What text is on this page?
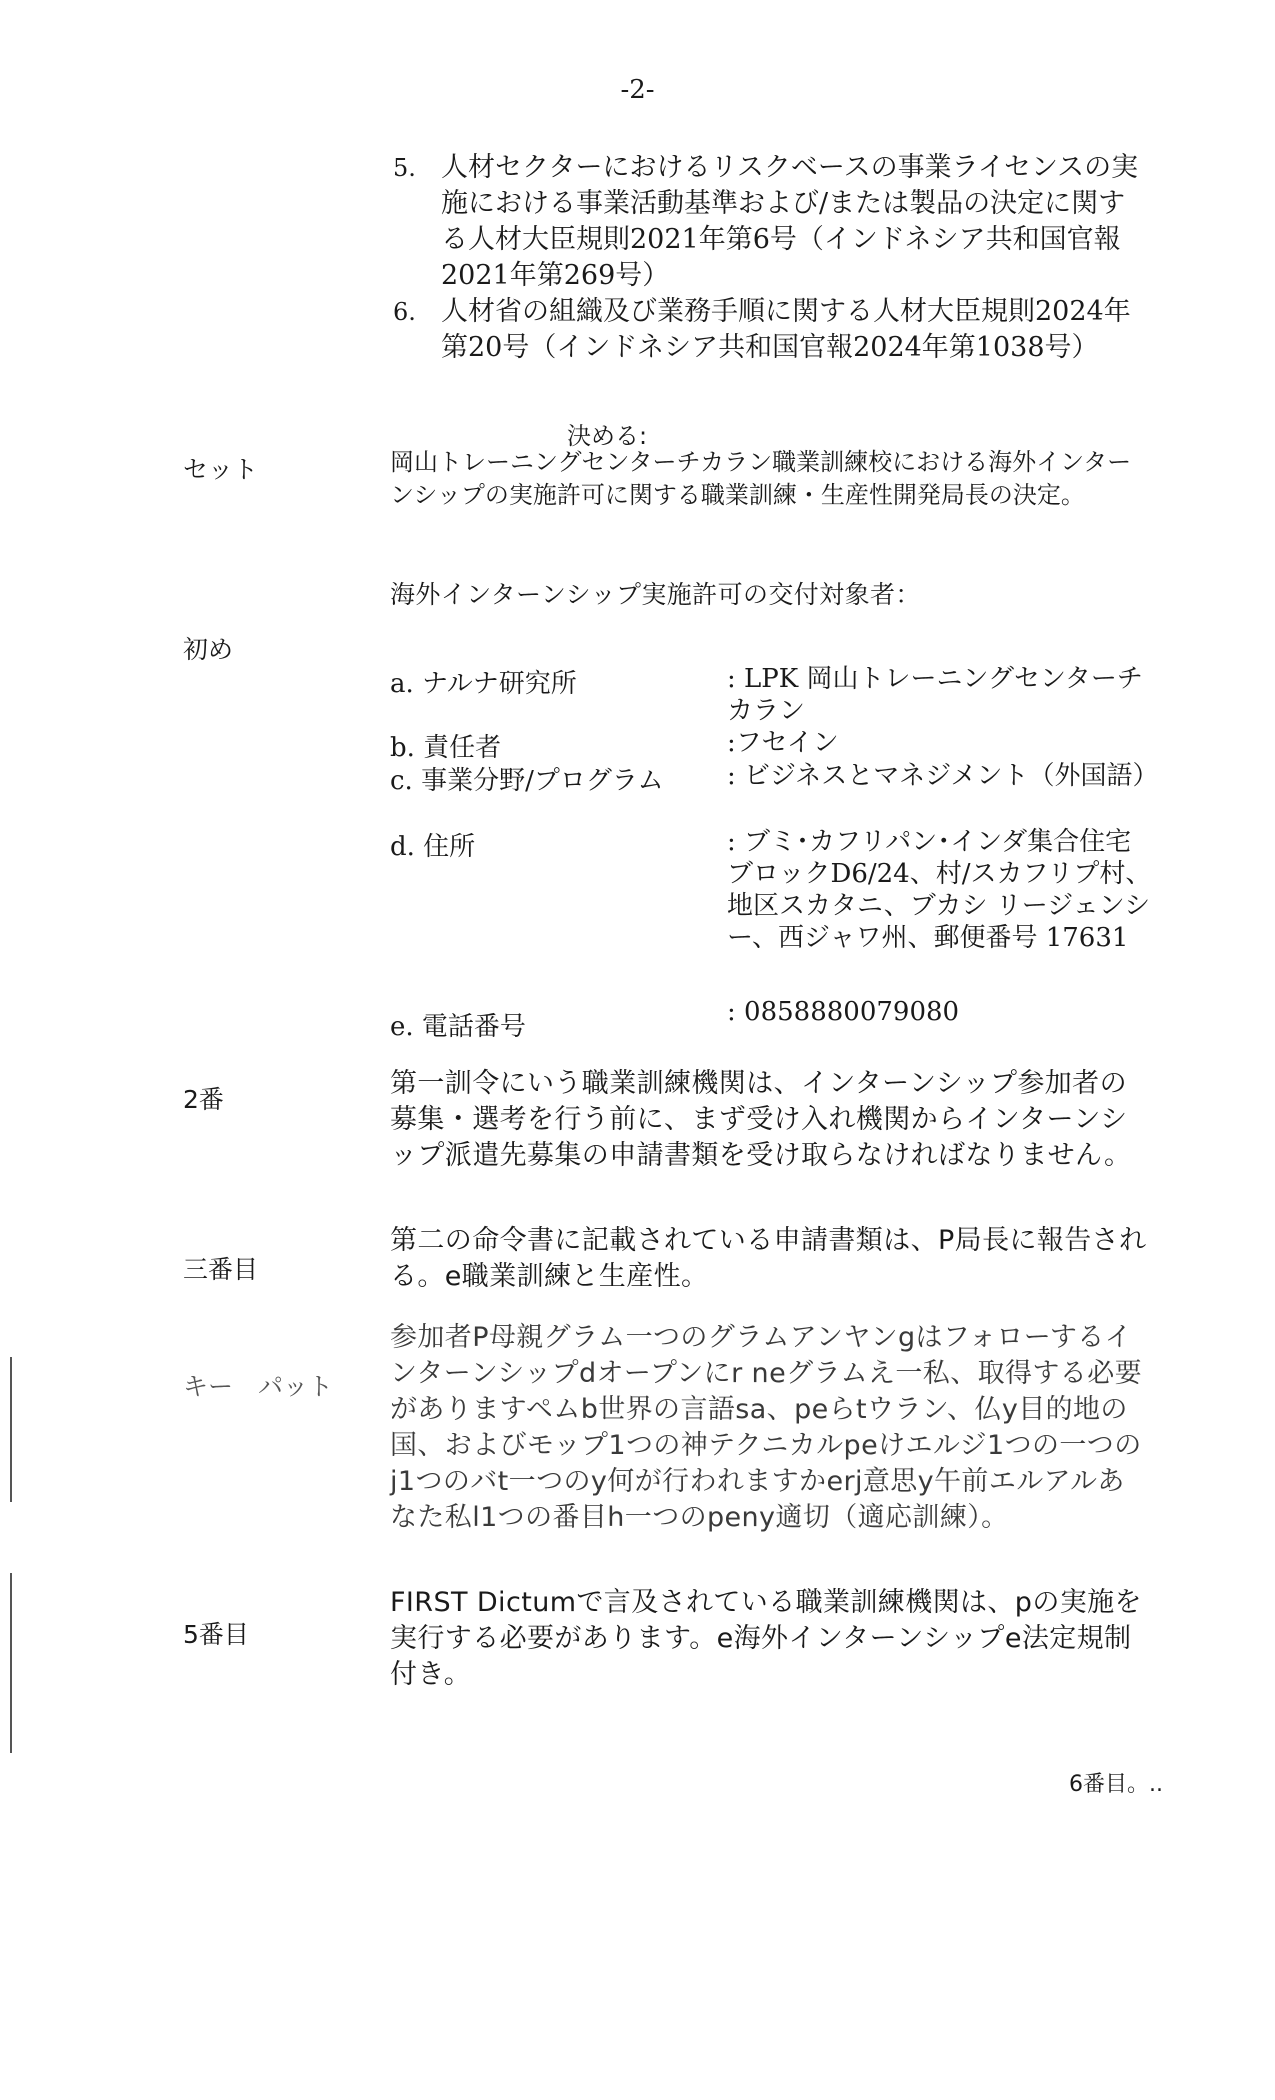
-2-
5. 人材セクターにおけるリスクベースの事業ライセンスの実施における事業活動基準および/または製品の決定に関する人材大臣規則2021年第6号（インドネシア共和国官報2021年第269号）
6. 人材省の組織及び業務手順に関する人材大臣規則2024年第20号（インドネシア共和国官報2024年第1038号）
決める:
セット	岡山トレーニングセンターチカラン職業訓練校における海外インターンシップの実施許可に関する職業訓練・生産性開発局長の決定。
海外インターンシップ実施許可の交付対象者：
初め
a. ナルナ研究所	: LPK 岡山トレーニングセンターチカラン
b. 責任者	:フセイン
c. 事業分野/プログラム : ビジネスとマネジメント（外国語）
d. 住所	: ブミ･カフリパン･インダ集合住宅ブロックD6/24、村/スカフリプ村、　　　　地区スカタニ、ブカシ リージェンシー、西ジャワ州、郵便番号 17631
e. 電話番号	: 0858880079080
2番
第一訓令にいう職業訓練機関は、インターンシップ参加者の募集・選考を行う前に、まず受け入れ機関からインターンシップ派遣先募集の申請書類を受け取らなければなりません。
三番目
第二の命令書に記載されている申請書類は、P局長に報告される。e職業訓練と生産性。
キー　パット
参加者P母親グラム一つのグラムアンヤンgはフォローするインターンシップdオープンにr neグラムえ一私、取得する必要がありますペムb世界の言語sa、peらtウラン、仏y目的地の国、およびモップ1つの神テクニカルpeけエルジ1つの一つのj1つのバt一つのy何が行われますかerj意思y午前エルアルあなた私l1つの番目h一つのpeny適切（適応訓練）。
5番目
FIRST Dictumで言及されている職業訓練機関は、pの実施を実行する必要があります。e海外インターンシップe法定規制付き。
6番目。..
